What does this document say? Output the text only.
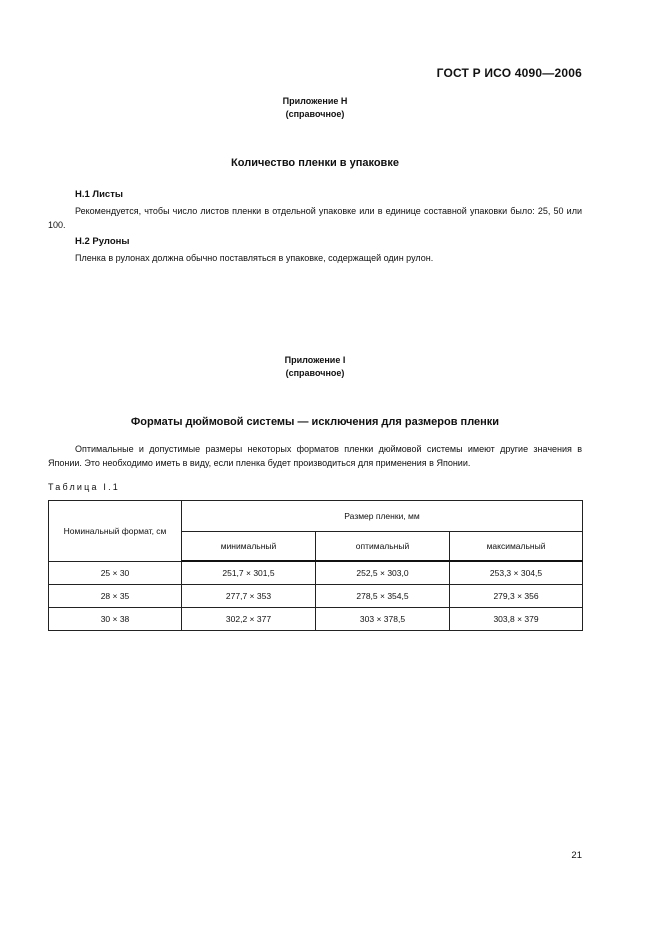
ГОСТ Р ИСО 4090—2006
Приложение Н
(справочное)
Количество пленки в упаковке
Н.1 Листы
Рекомендуется, чтобы число листов пленки в отдельной упаковке или в единице составной упаковки было: 25, 50 или 100.
Н.2 Рулоны
Пленка в рулонах должна обычно поставляться в упаковке, содержащей один рулон.
Приложение I
(справочное)
Форматы дюймовой системы — исключения для размеров пленки
Оптимальные и допустимые размеры некоторых форматов пленки дюймовой системы имеют другие значения в Японии. Это необходимо иметь в виду, если пленка будет производиться для применения в Японии.
Таблица I.1
Номинальный формат, см	Размер пленки, мм		
	минимальный	оптимальный	максимальный
25 × 30	251,7 × 301,5	252,5 × 303,0	253,3 × 304,5
28 × 35	277,7 × 353	278,5 × 354,5	279,3 × 356
30 × 38	302,2 × 377	303 × 378,5	303,8 × 379
21
